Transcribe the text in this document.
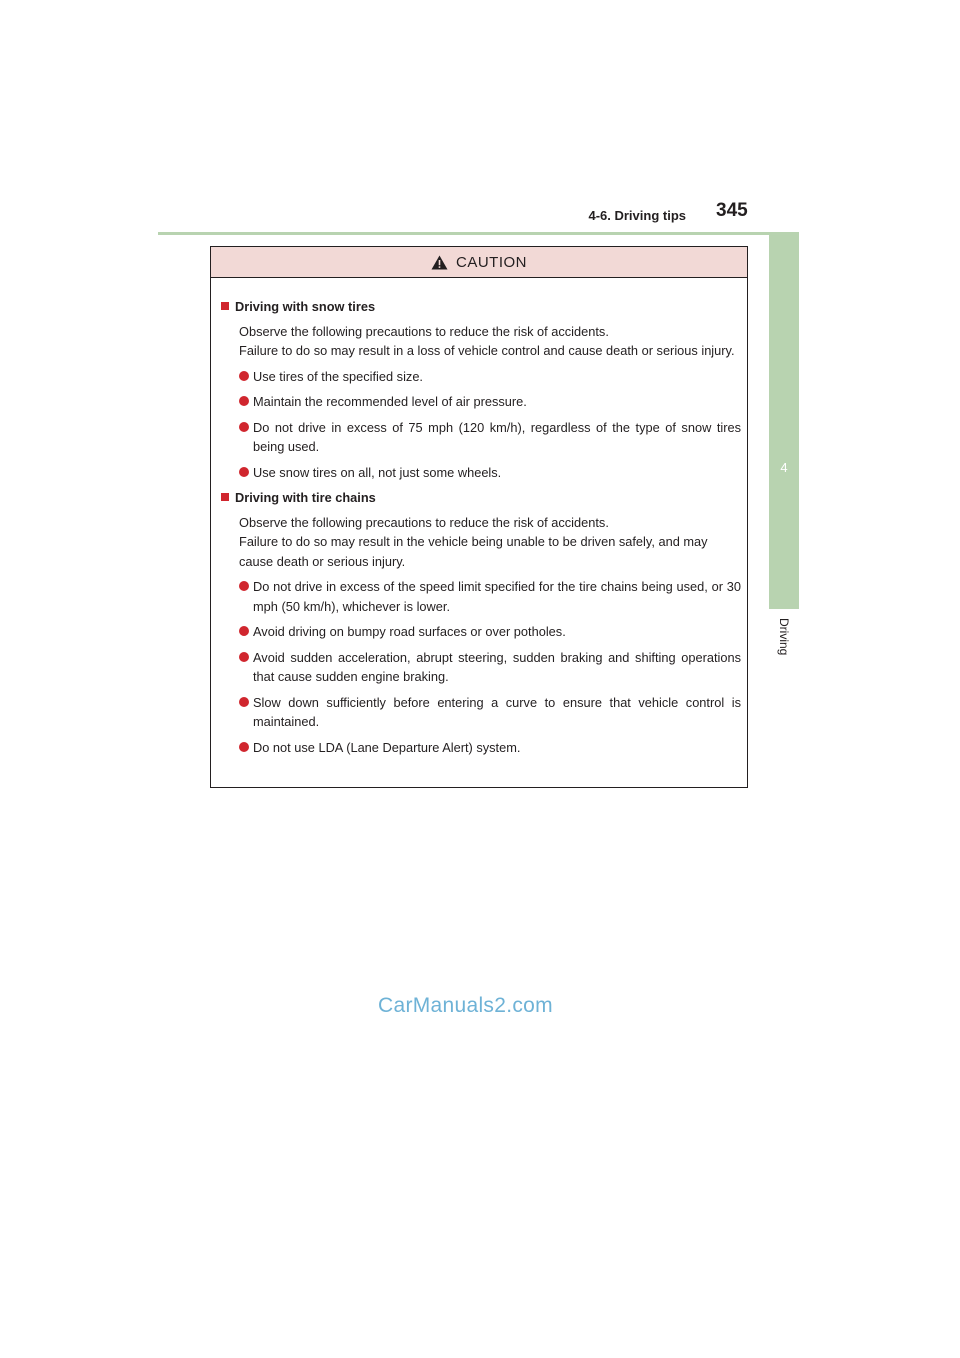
4-6. Driving tips 345
4
Driving
CAUTION
Driving with snow tires

Observe the following precautions to reduce the risk of accidents.

Failure to do so may result in a loss of vehicle control and cause death or serious injury.

Use tires of the specified size.
Maintain the recommended level of air pressure.
Do not drive in excess of 75 mph (120 km/h), regardless of the type of snow tires being used.
Use snow tires on all, not just some wheels.
Driving with tire chains

Observe the following precautions to reduce the risk of accidents.

Failure to do so may result in the vehicle being unable to be driven safely, and may cause death or serious injury.

Do not drive in excess of the speed limit specified for the tire chains being used, or 30 mph (50 km/h), whichever is lower.
Avoid driving on bumpy road surfaces or over potholes.
Avoid sudden acceleration, abrupt steering, sudden braking and shifting operations that cause sudden engine braking.
Slow down sufficiently before entering a curve to ensure that vehicle control is maintained.
Do not use LDA (Lane Departure Alert) system.
CarManuals2.com
